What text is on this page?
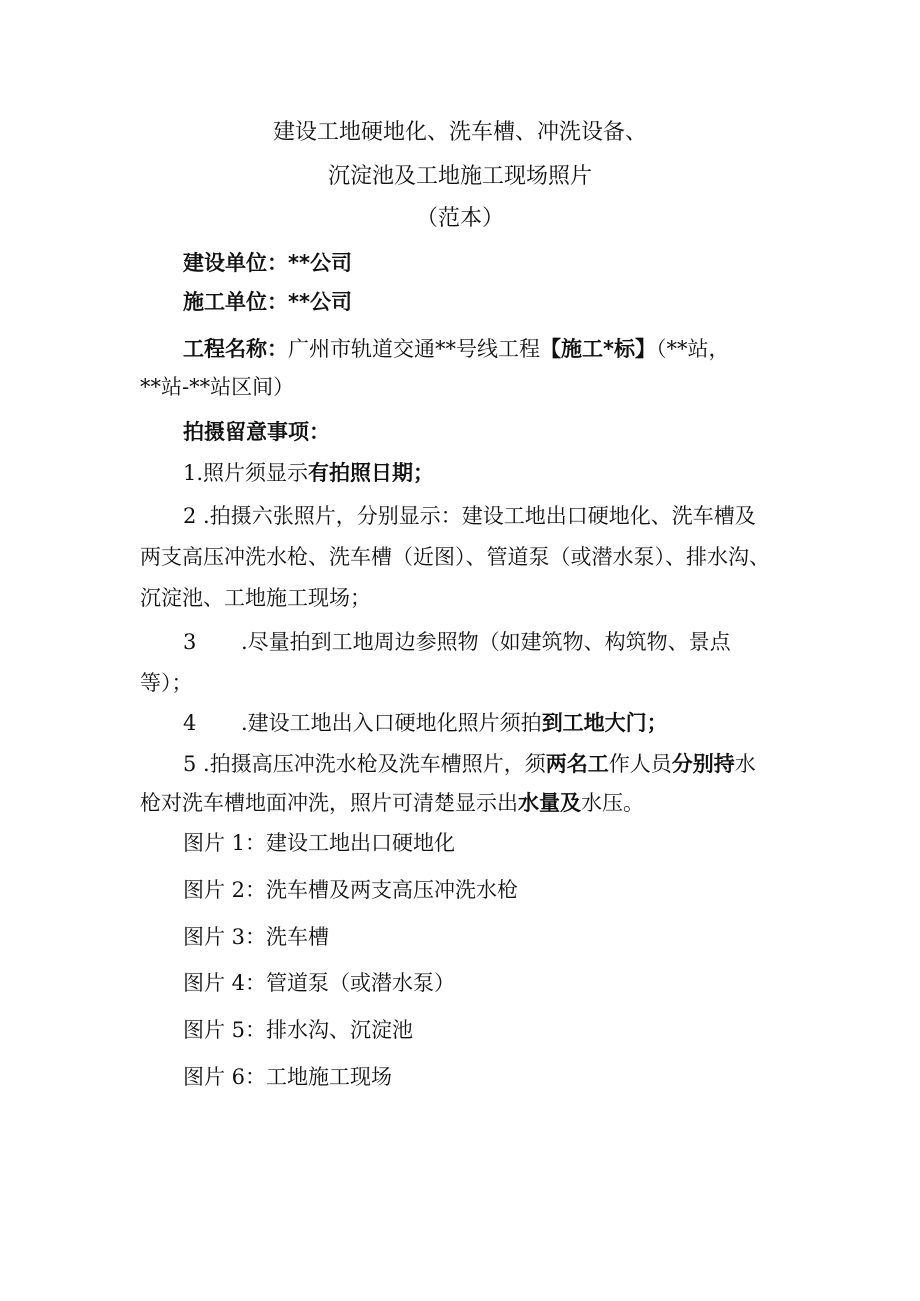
建设工地硬地化、洗车槽、冲洗设备、
沉淀池及工地施工现场照片
（范本）
建设单位：**公司
施工单位：**公司
工程名称：广州市轨道交通**号线工程【施工*标】（**站，
**站-**站区间）
拍摄留意事项：
1.照片须显示有拍照日期；
2 .拍摄六张照片，分别显示：建设工地出口硬地化、洗车槽及
两支高压冲洗水枪、洗车槽（近图）、管道泵（或潜水泵）、排水沟、
沉淀池、工地施工现场；
3 .尽量拍到工地周边参照物（如建筑物、构筑物、景点
等）；
4 .建设工地出入口硬地化照片须拍到工地大门；
5 .拍摄高压冲洗水枪及洗车槽照片，须两名工作人员分别持水
枪对洗车槽地面冲洗，照片可清楚显示出水量及水压。
图片 1：建设工地出口硬地化
图片 2：洗车槽及两支高压冲洗水枪
图片 3：洗车槽
图片 4：管道泵（或潜水泵）
图片 5：排水沟、沉淀池
图片 6：工地施工现场
